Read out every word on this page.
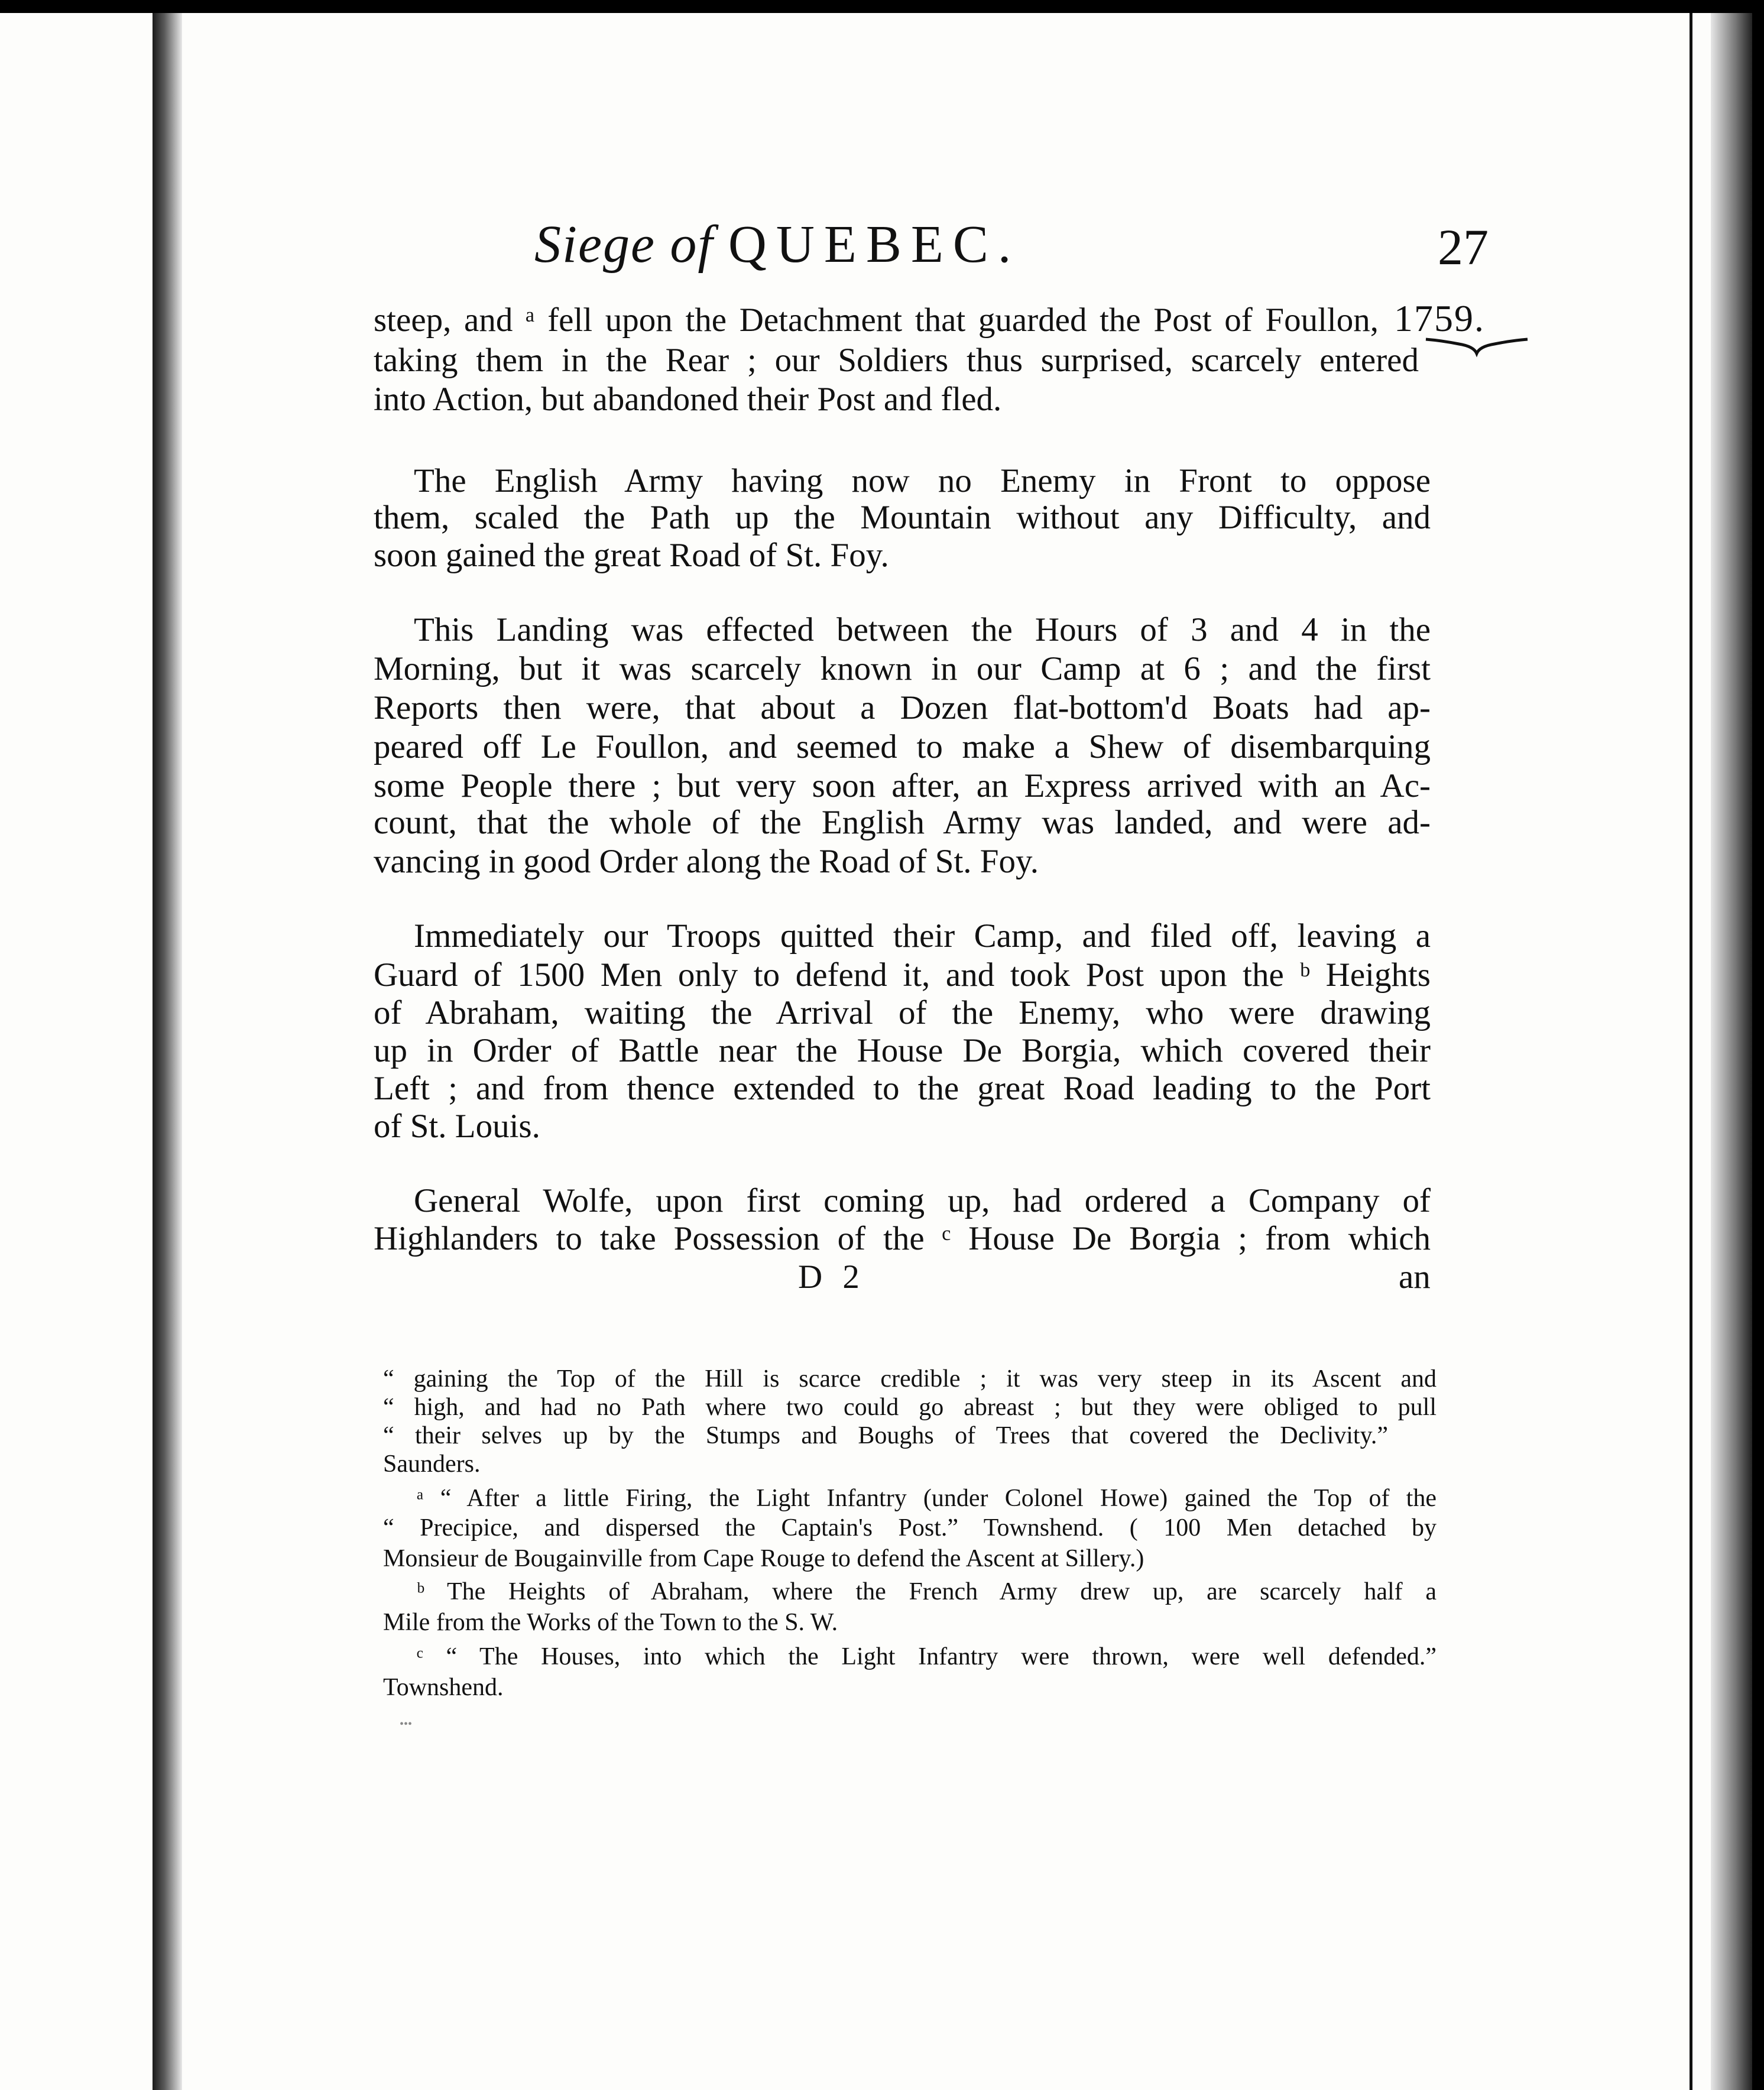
Siege of QUEBEC.	27
1759.
steep, and ᵃ fell upon the Detachment that guarded the Post of Foullon,
taking them in the Rear ; our Soldiers thus surprised, scarcely entered
into Action, but abandoned their Post and fled.
The English Army having now no Enemy in Front to oppose
them, scaled the Path up the Mountain without any Difficulty, and
soon gained the great Road of St. Foy.
This Landing was effected between the Hours of 3 and 4 in the
Morning, but it was scarcely known in our Camp at 6 ; and the first
Reports then were, that about a Dozen flat-bottom'd Boats had ap-
peared off Le Foullon, and seemed to make a Shew of disembarquing
some People there ; but very soon after, an Express arrived with an Ac-
count, that the whole of the English Army was landed, and were ad-
vancing in good Order along the Road of St. Foy.
Immediately our Troops quitted their Camp, and filed off, leaving a
Guard of 1500 Men only to defend it, and took Post upon the ᵇ Heights
of Abraham, waiting the Arrival of the Enemy, who were drawing
up in Order of Battle near the House De Borgia, which covered their
Left ; and from thence extended to the great Road leading to the Port
of St. Louis.
General Wolfe, upon first coming up, had ordered a Company of
Highlanders to take Possession of the ᶜ House De Borgia ; from which
D 2	an
“ gaining the Top of the Hill is scarce credible ; it was very steep in its Ascent and
“ high, and had no Path where two could go abreast ; but they were obliged to pull
“ their selves up by the Stumps and Boughs of Trees that covered the Declivity.”
Saunders.
ᵃ “ After a little Firing, the Light Infantry (under Colonel Howe) gained the Top of the
“ Precipice, and dispersed the Captain's Post.” Townshend. ( 100 Men detached by
Monsieur de Bougainville from Cape Rouge to defend the Ascent at Sillery.)
ᵇ The Heights of Abraham, where the French Army drew up, are scarcely half a
Mile from the Works of the Town to the S. W.
ᶜ “ The Houses, into which the Light Infantry were thrown, were well defended.”
Townshend.
•••
